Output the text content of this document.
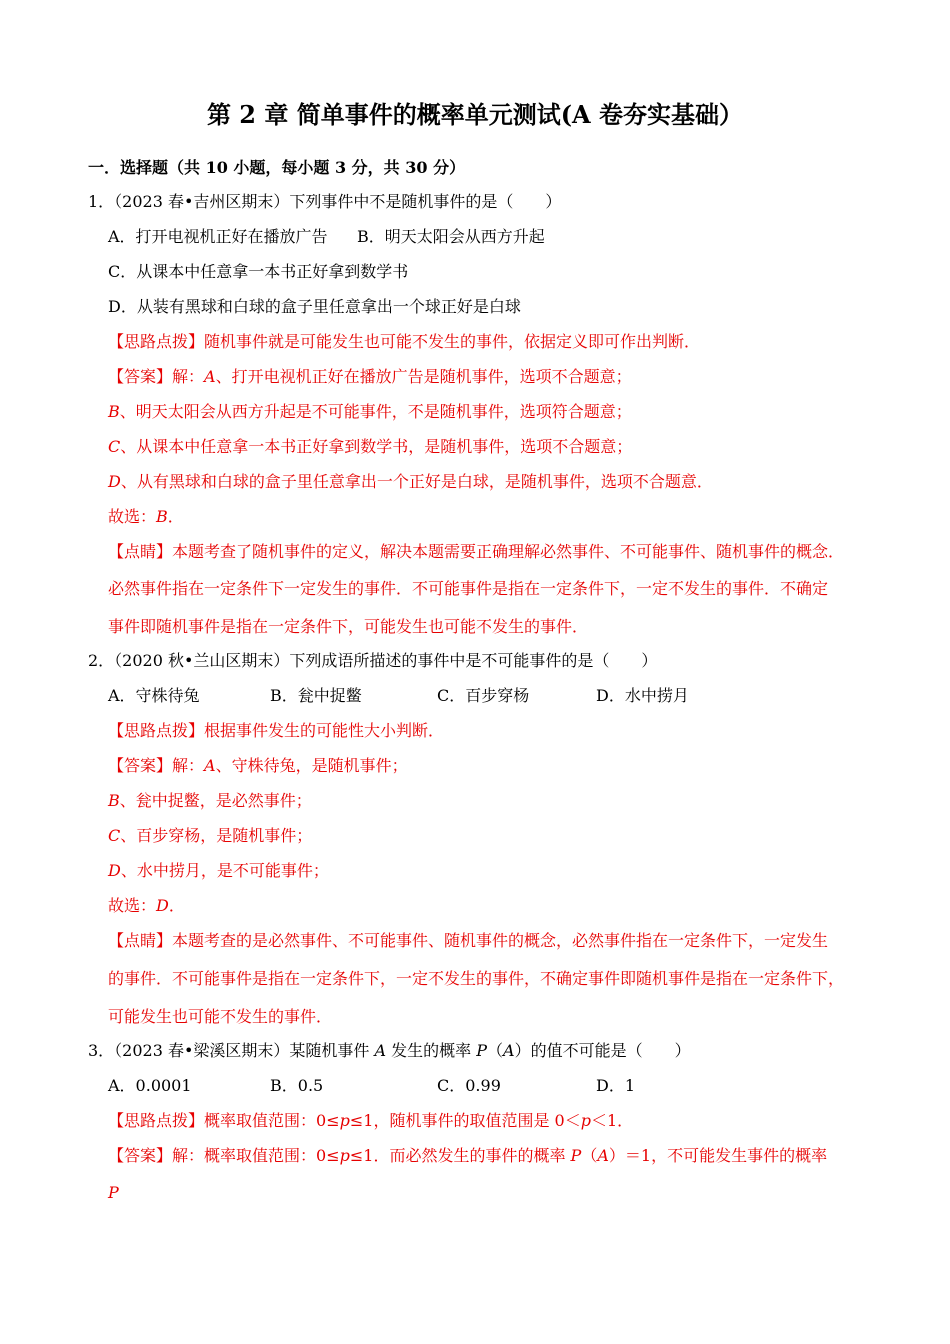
第 2 章 简单事件的概率单元测试(A 卷夯实基础）
一．选择题（共 10 小题，每小题 3 分，共 30 分）
1．（2023 春•吉州区期末）下列事件中不是随机事件的是（　　）
A．打开电视机正好在播放广告 B．明天太阳会从西方升起
C．从课本中任意拿一本书正好拿到数学书
D．从装有黑球和白球的盒子里任意拿出一个球正好是白球
【思路点拨】随机事件就是可能发生也可能不发生的事件，依据定义即可作出判断．
【答案】解：A、打开电视机正好在播放广告是随机事件，选项不合题意；
B、明天太阳会从西方升起是不可能事件，不是随机事件，选项符合题意；
C、从课本中任意拿一本书正好拿到数学书，是随机事件，选项不合题意；
D、从有黑球和白球的盒子里任意拿出一个正好是白球，是随机事件，选项不合题意．
故选：B．
【点睛】本题考查了随机事件的定义，解决本题需要正确理解必然事件、不可能事件、随机事件的概念．
必然事件指在一定条件下一定发生的事件．不可能事件是指在一定条件下，一定不发生的事件．不确定
事件即随机事件是指在一定条件下，可能发生也可能不发生的事件．
2．（2020 秋•兰山区期末）下列成语所描述的事件中是不可能事件的是（　　）
A．守株待兔	B．瓮中捉鳖	C．百步穿杨	D．水中捞月
【思路点拨】根据事件发生的可能性大小判断．
【答案】解：A、守株待兔，是随机事件；
B、瓮中捉鳖，是必然事件；
C、百步穿杨，是随机事件；
D、水中捞月，是不可能事件；
故选：D．
【点睛】本题考查的是必然事件、不可能事件、随机事件的概念，必然事件指在一定条件下，一定发生
的事件．不可能事件是指在一定条件下，一定不发生的事件，不确定事件即随机事件是指在一定条件下，
可能发生也可能不发生的事件．
3．（2023 春•梁溪区期末）某随机事件 A 发生的概率 P（A）的值不可能是（　　）
A．0.0001	B．0.5	C．0.99	D．1
【思路点拨】概率取值范围：0≤p≤1，随机事件的取值范围是 0＜p＜1．
【答案】解：概率取值范围：0≤p≤1．而必然发生的事件的概率 P（A）＝1，不可能发生事件的概率
P
